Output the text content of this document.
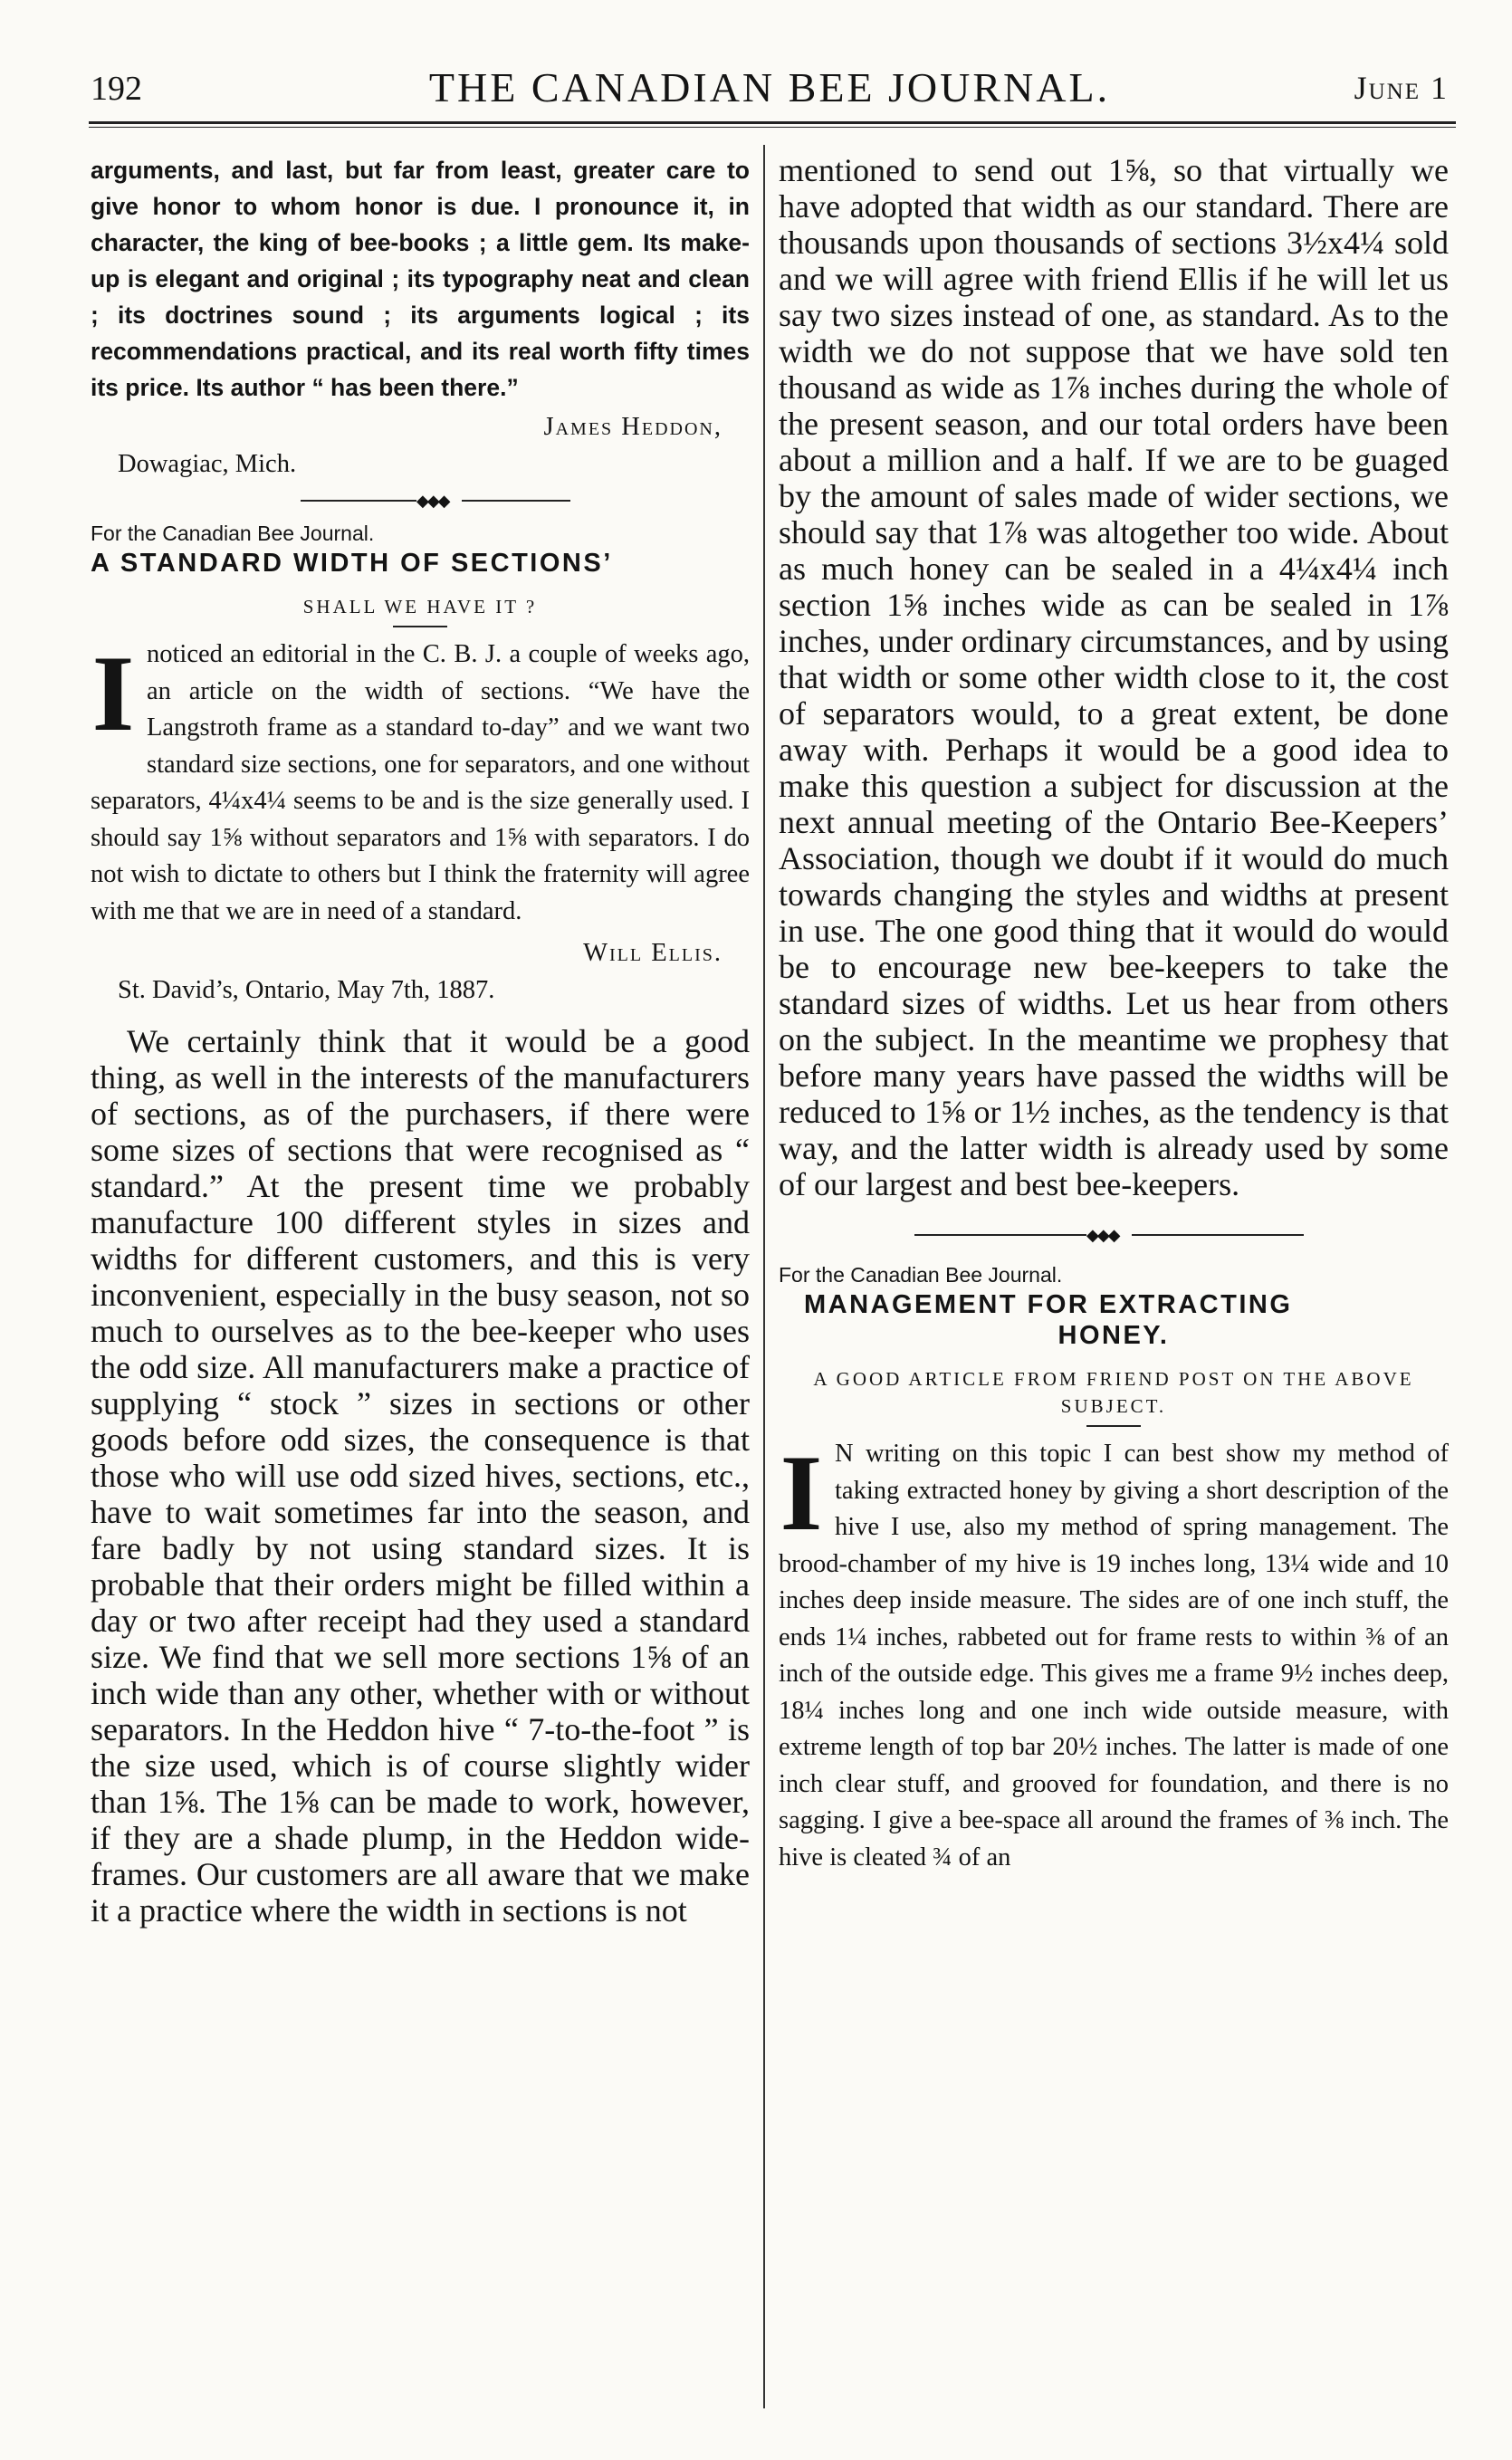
192	THE CANADIAN BEE JOURNAL.	June 1

arguments, and last, but far from least, greater care to give honor to whom honor is due. I pronounce it, in character, the king of bee-books ; a little gem. Its make-up is elegant and original ; its typography neat and clean ; its doctrines sound ; its arguments logical ; its recommendations practical, and its real worth fifty times its price. Its author “ has been there.”

James Heddon,

Dowagiac, Mich.

◆◆◆

For the Canadian Bee Journal.

A STANDARD WIDTH OF SECTIONS’

SHALL WE HAVE IT ?

I noticed an editorial in the C. B. J. a couple of weeks ago, an article on the width of sections. “We have the Langstroth frame as a standard to-day” and we want two standard size sections, one for separators, and one without separators, 4¼x4¼ seems to be and is the size generally used. I should say 1⅝ without separators and 1⅝ with separators. I do not wish to dictate to others but I think the fraternity will agree with me that we are in need of a standard.

Will Ellis.

St. David’s, Ontario, May 7th, 1887.

We certainly think that it would be a good thing, as well in the interests of the manufacturers of sections, as of the purchasers, if there were some sizes of sections that were recognised as “ standard.” At the present time we probably manufacture 100 different styles in sizes and widths for different customers, and this is very inconvenient, especially in the busy season, not so much to ourselves as to the bee-keeper who uses the odd size. All manufacturers make a practice of supplying “ stock ” sizes in sections or other goods before odd sizes, the consequence is that those who will use odd sized hives, sections, etc., have to wait sometimes far into the season, and fare badly by not using standard sizes. It is probable that their orders might be filled within a day or two after receipt had they used a standard size. We find that we sell more sections 1⅝ of an inch wide than any other, whether with or without separators. In the Heddon hive “ 7-to-the-foot ” is the size used, which is of course slightly wider than 1⅝. The 1⅝ can be made to work, however, if they are a shade plump, in the Heddon wide-frames. Our customers are all aware that we make it a practice where the width in sections is not

mentioned to send out 1⅝, so that virtually we have adopted that width as our standard. There are thousands upon thousands of sections 3½x4¼ sold and we will agree with friend Ellis if he will let us say two sizes instead of one, as standard. As to the width we do not suppose that we have sold ten thousand as wide as 1⅞ inches during the whole of the present season, and our total orders have been about a million and a half. If we are to be guaged by the amount of sales made of wider sections, we should say that 1⅞ was altogether too wide. About as much honey can be sealed in a 4¼x4¼ inch section 1⅝ inches wide as can be sealed in 1⅞ inches, under ordinary circumstances, and by using that width or some other width close to it, the cost of separators would, to a great extent, be done away with. Perhaps it would be a good idea to make this question a subject for discussion at the next annual meeting of the Ontario Bee-Keepers’ Association, though we doubt if it would do much towards changing the styles and widths at present in use. The one good thing that it would do would be to encourage new bee-keepers to take the standard sizes of widths. Let us hear from others on the subject. In the meantime we prophesy that before many years have passed the widths will be reduced to 1⅝ or 1½ inches, as the tendency is that way, and the latter width is already used by some of our largest and best bee-keepers.

◆◆◆

For the Canadian Bee Journal.

MANAGEMENT FOR EXTRACTING

HONEY.

A GOOD ARTICLE FROM FRIEND POST ON THE ABOVE SUBJECT.

I N writing on this topic I can best show my method of taking extracted honey by giving a short description of the hive I use, also my method of spring management. The brood-chamber of my hive is 19 inches long, 13¼ wide and 10 inches deep inside measure. The sides are of one inch stuff, the ends 1¼ inches, rabbeted out for frame rests to within ⅜ of an inch of the outside edge. This gives me a frame 9½ inches deep, 18¼ inches long and one inch wide outside measure, with extreme length of top bar 20½ inches. The latter is made of one inch clear stuff, and grooved for foundation, and there is no sagging. I give a bee-space all around the frames of ⅜ inch. The hive is cleated ¾ of an
